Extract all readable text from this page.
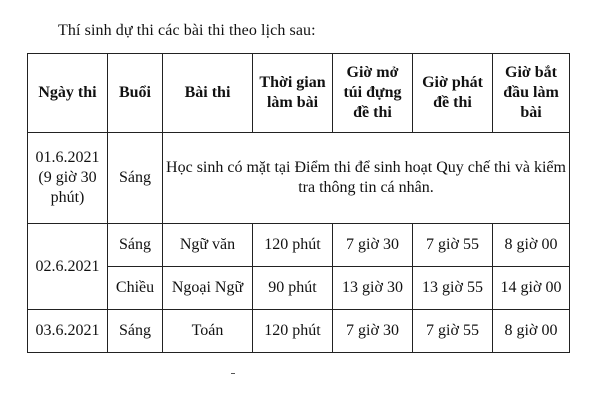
Thí sinh dự thi các bài thi theo lịch sau:
Ngày thi	Buổi	Bài thi	Thời gian làm bài	Giờ mở túi đựng đề thi	Giờ phát đề thi	Giờ bắt đầu làm bài

01.6.2021
(9 giờ 30 phút)	Sáng	Học sinh có mặt tại Điểm thi để sinh hoạt Quy chế thi và kiểm tra thông tin cá nhân.				
02.6.2021	Sáng	Ngữ văn	120 phút	7 giờ 30	7 giờ 55	8 giờ 00
	Chiều	Ngoại Ngữ	90 phút	13 giờ 30	13 giờ 55	14 giờ 00
03.6.2021	Sáng	Toán	120 phút	7 giờ 30	7 giờ 55	8 giờ 00
